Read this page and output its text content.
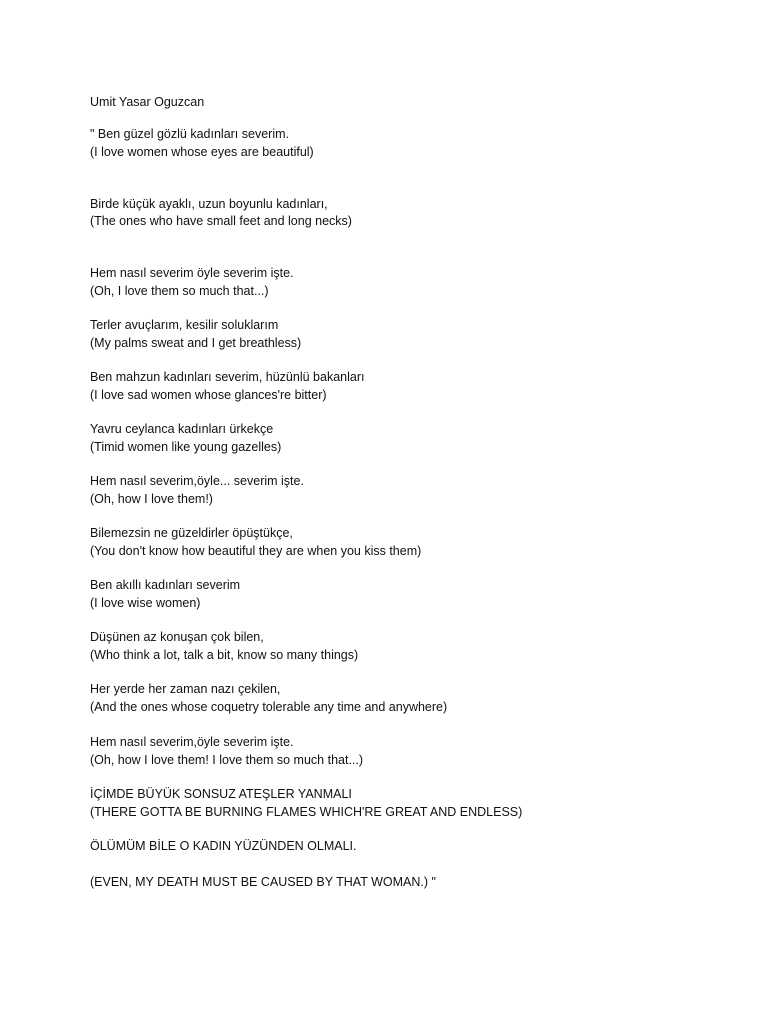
Umit Yasar Oguzcan
" Ben güzel gözlü kadınları severim.
(I love women whose eyes are beautiful)
Birde küçük ayaklı, uzun boyunlu kadınları,
(The ones who have small feet and long necks)
Hem nasıl severim öyle severim işte.
(Oh, I love them so much that...)
Terler avuçlarım, kesilir soluklarım
(My palms sweat and I get breathless)
Ben mahzun kadınları severim, hüzünlü bakanları
(I love sad women whose glances're bitter)
Yavru ceylanca kadınları ürkekçe
(Timid women like young gazelles)
Hem nasıl severim,öyle... severim işte.
(Oh, how I love them!)
Bilemezsin ne güzeldirler öpüştükçe,
(You don't know how beautiful they are when you kiss them)
Ben akıllı kadınları severim
(I love wise women)
Düşünen az konuşan çok bilen,
(Who think a lot, talk a bit, know so many things)
Her yerde her zaman nazı çekilen,
(And the ones whose coquetry tolerable any time and anywhere)
Hem nasıl severim,öyle severim işte.
(Oh, how I love them! I love them so much that...)
İÇİMDE BÜYÜK SONSUZ ATEŞLER YANMALI
(THERE GOTTA BE BURNING FLAMES WHICH'RE GREAT AND ENDLESS)
ÖLÜMÜM BİLE O KADIN YÜZÜNDEN OLMALI.
(EVEN, MY DEATH MUST BE CAUSED BY THAT WOMAN.) "
